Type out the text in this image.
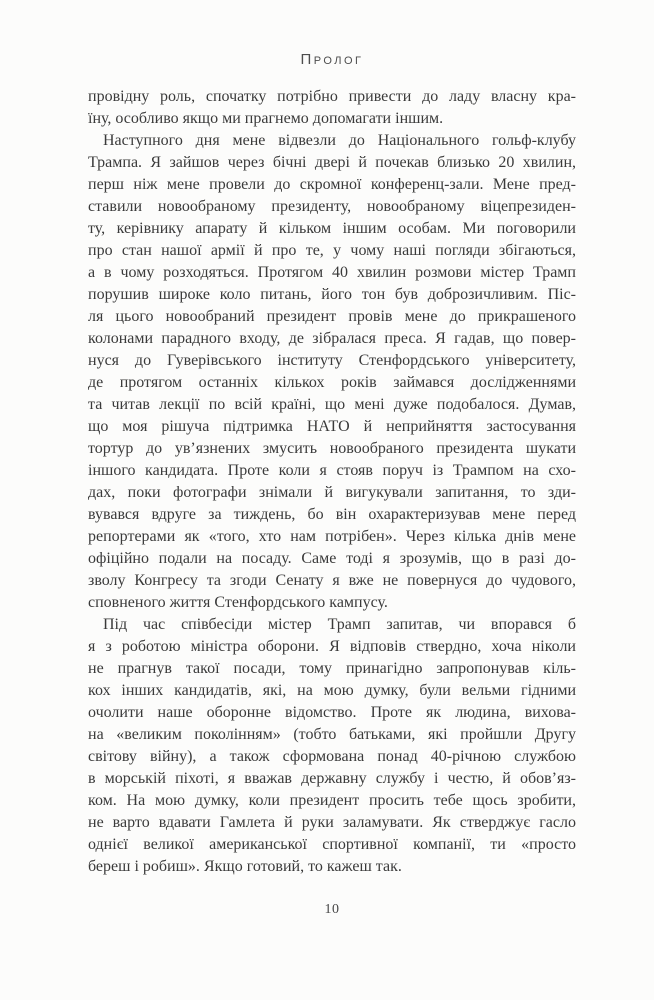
Пролог
провідну роль, спочатку потрібно привести до ладу власну кра-
їну, особливо якщо ми прагнемо допомагати іншим.
Наступного дня мене відвезли до Національного гольф-клубу
Трампа. Я зайшов через бічні двері й почекав близько 20 хвилин,
перш ніж мене провели до скромної конференц-зали. Мене пред-
ставили новообраному президенту, новообраному віцепрезиден-
ту, керівнику апарату й кільком іншим особам. Ми поговорили
про стан нашої армії й про те, у чому наші погляди збігаються,
а в чому розходяться. Протягом 40 хвилин розмови містер Трамп
порушив широке коло питань, його тон був доброзичливим. Піс-
ля цього новообраний президент провів мене до прикрашеного
колонами парадного входу, де зібралася преса. Я гадав, що повер-
нуся до Гуверівського інституту Стенфордського університету,
де протягом останніх кількох років займався дослідженнями
та читав лекції по всій країні, що мені дуже подобалося. Думав,
що моя рішуча підтримка НАТО й неприйняття застосування
тортур до ув’язнених змусить новообраного президента шукати
іншого кандидата. Проте коли я стояв поруч із Трампом на схо-
дах, поки фотографи знімали й вигукували запитання, то зди-
вувався вдруге за тиждень, бо він охарактеризував мене перед
репортерами як «того, хто нам потрібен». Через кілька днів мене
офіційно подали на посаду. Саме тоді я зрозумів, що в разі до-
зволу Конгресу та згоди Сенату я вже не повернуся до чудового,
сповненого життя Стенфордського кампусу.
Під час співбесіди містер Трамп запитав, чи впорався б
я з роботою міністра оборони. Я відповів ствердно, хоча ніколи
не прагнув такої посади, тому принагідно запропонував кіль-
кох інших кандидатів, які, на мою думку, були вельми гідними
очолити наше оборонне відомство. Проте як людина, вихова-
на «великим поколінням» (тобто батьками, які пройшли Другу
світову війну), а також сформована понад 40-річною службою
в морській піхоті, я вважав державну службу і честю, й обов’яз-
ком. На мою думку, коли президент просить тебе щось зробити,
не варто вдавати Гамлета й руки заламувати. Як стверджує гасло
однієї великої американської спортивної компанії, ти «просто
береш і робиш». Якщо готовий, то кажеш так.
10
